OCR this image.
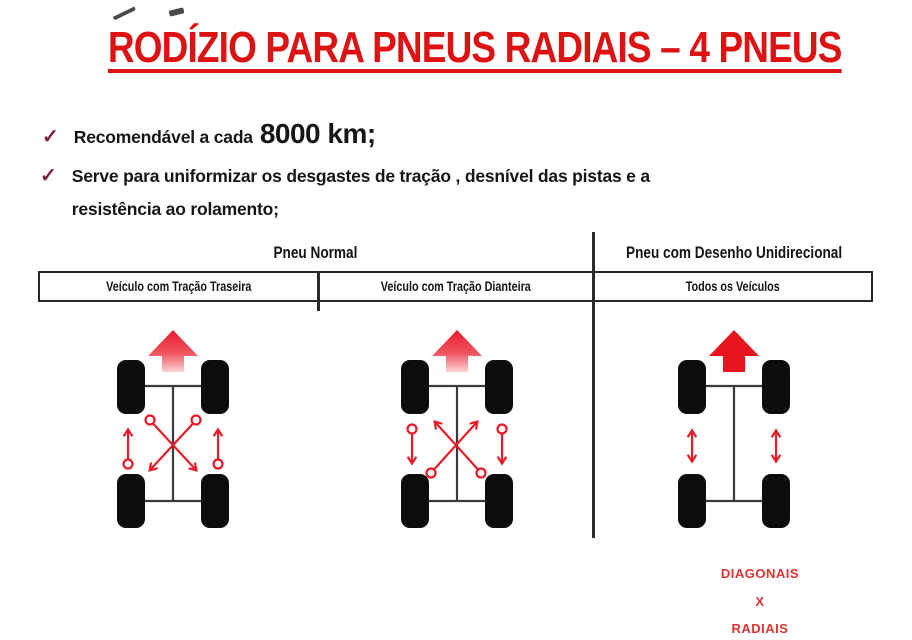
RODÍZIO PARA PNEUS RADIAIS – 4 PNEUS
✓ Recomendável a cada 8000 km;
✓ Serve para uniformizar os desgastes de tração , desnível das pistas e a
resistência ao rolamento;
Pneu Normal	Pneu com Desenho Unidirecional
Veículo com Tração Traseira	Veículo com Tração Dianteira	Todos os Veículos
DIAGONAIS
X
RADIAIS
